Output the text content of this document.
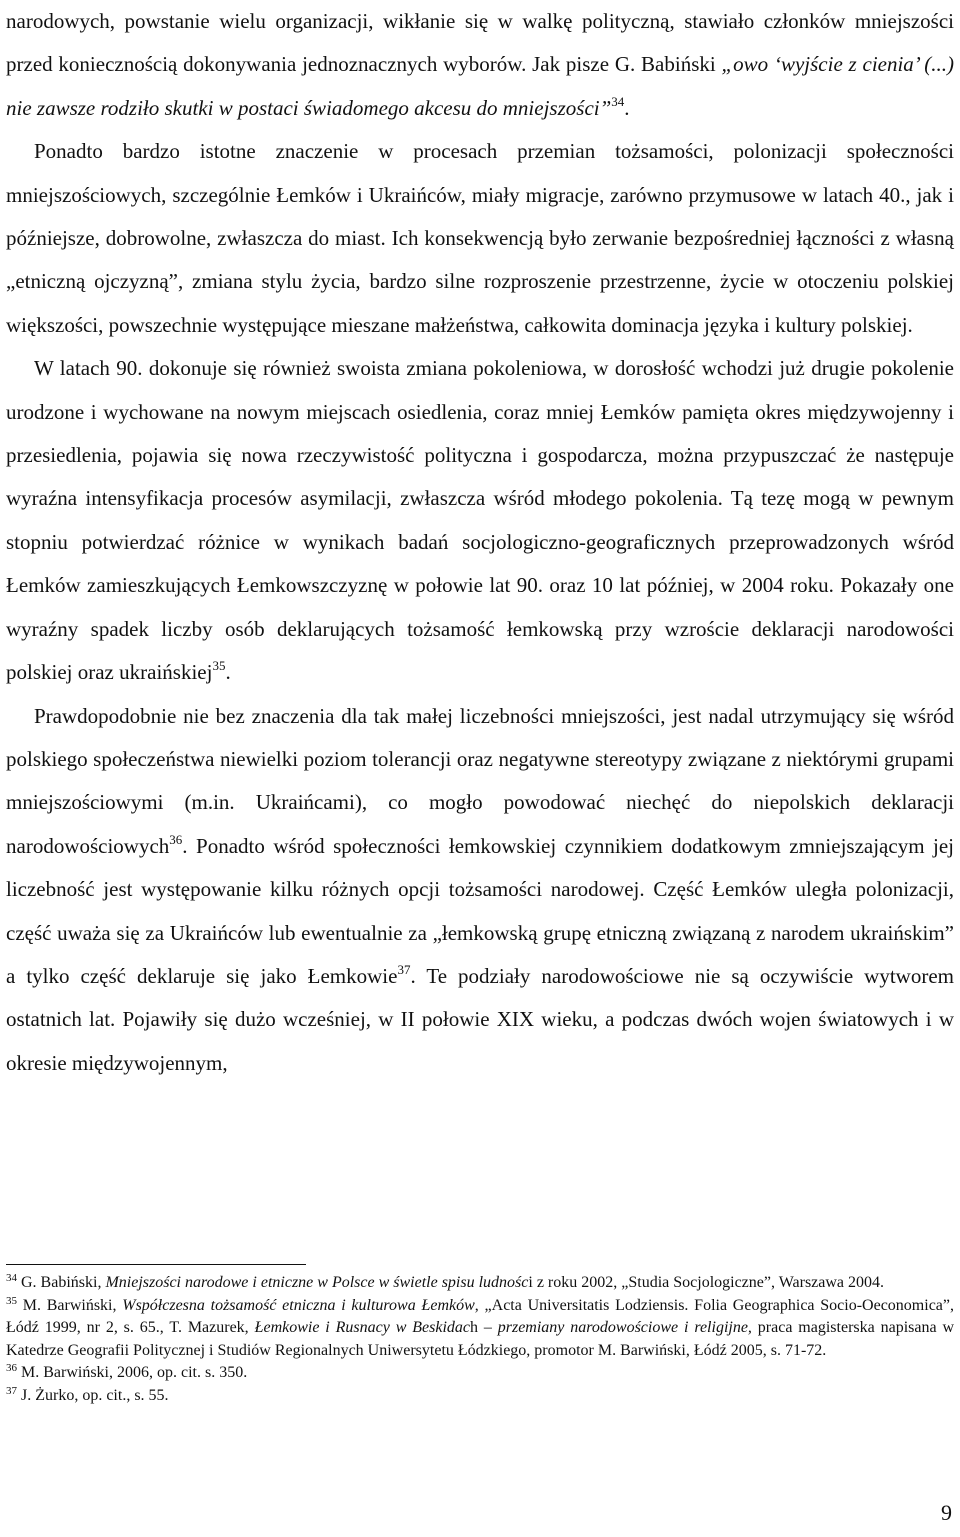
narodowych, powstanie wielu organizacji, wikłanie się w walkę polityczną, stawiało członków mniejszości przed koniecznością dokonywania jednoznacznych wyborów. Jak pisze G. Babiński „owo ‘wyjście z cienia’ (...) nie zawsze rodziło skutki w postaci świadomego akcesu do mniejszości”$^{34}$.

Ponadto bardzo istotne znaczenie w procesach przemian tożsamości, polonizacji społeczności mniejszościowych, szczególnie Łemków i Ukraińców, miały migracje, zarówno przymusowe w latach 40., jak i późniejsze, dobrowolne, zwłaszcza do miast. Ich konsekwencją było zerwanie bezpośredniej łączności z własną „etniczną ojczyzną”, zmiana stylu życia, bardzo silne rozproszenie przestrzenne, życie w otoczeniu polskiej większości, powszechnie występujące mieszane małżeństwa, całkowita dominacja języka i kultury polskiej.

W latach 90. dokonuje się również swoista zmiana pokoleniowa, w dorosłość wchodzi już drugie pokolenie urodzone i wychowane na nowym miejscach osiedlenia, coraz mniej Łemków pamięta okres międzywojenny i przesiedlenia, pojawia się nowa rzeczywistość polityczna i gospodarcza, można przypuszczać że następuje wyraźna intensyfikacja procesów asymilacji, zwłaszcza wśród młodego pokolenia. Tą tezę mogą w pewnym stopniu potwierdzać różnice w wynikach badań socjologiczno-geograficznych przeprowadzonych wśród Łemków zamieszkujących Łemkowszczyznę w połowie lat 90. oraz 10 lat później, w 2004 roku. Pokazały one wyraźny spadek liczby osób deklarujących tożsamość łemkowską przy wzroście deklaracji narodowości polskiej oraz ukraińskiej$^{35}$.

Prawdopodobnie nie bez znaczenia dla tak małej liczebności mniejszości, jest nadal utrzymujący się wśród polskiego społeczeństwa niewielki poziom tolerancji oraz negatywne stereotypy związane z niektórymi grupami mniejszościowymi (m.in. Ukraińcami), co mogło powodować niechęć do niepolskich deklaracji narodowościowych$^{36}$. Ponadto wśród społeczności łemkowskiej czynnikiem dodatkowym zmniejszającym jej liczebność jest występowanie kilku różnych opcji tożsamości narodowej. Część Łemków uległa polonizacji, część uważa się za Ukraińców lub ewentualnie za „łemkowską grupę etniczną związaną z narodem ukraińskim” a tylko część deklaruje się jako Łemkowie$^{37}$. Te podziały narodowościowe nie są oczywiście wytworem ostatnich lat. Pojawiły się dużo wcześniej, w II połowie XIX wieku, a podczas dwóch wojen światowych i w okresie międzywojennym,

$^{34}$ G. Babiński, Mniejszości narodowe i etniczne w Polsce w świetle spisu ludności z roku 2002, „Studia Socjologiczne”, Warszawa 2004.

$^{35}$ M. Barwiński, Współczesna tożsamość etniczna i kulturowa Łemków, „Acta Universitatis Lodziensis. Folia Geographica Socio-Oeconomica”, Łódź 1999, nr 2, s. 65., T. Mazurek, Łemkowie i Rusnacy w Beskidach – przemiany narodowościowe i religijne, praca magisterska napisana w Katedrze Geografii Politycznej i Studiów Regionalnych Uniwersytetu Łódzkiego, promotor M. Barwiński, Łódź 2005, s. 71-72.

$^{36}$ M. Barwiński, 2006, op. cit. s. 350.

$^{37}$ J. Żurko, op. cit., s. 55.

9
